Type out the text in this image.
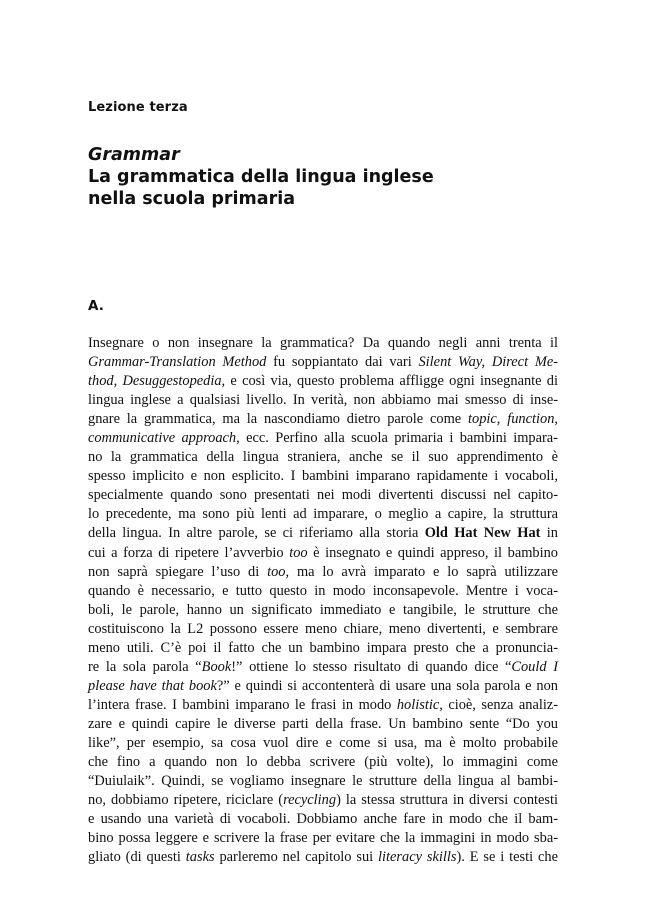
Lezione terza
Grammar
La grammatica della lingua inglese
nella scuola primaria
A.
Insegnare o non insegnare la grammatica? Da quando negli anni trenta il
Grammar-Translation Method fu soppiantato dai vari Silent Way, Direct Me-
thod, Desuggestopedia, e così via, questo problema affligge ogni insegnante di
lingua inglese a qualsiasi livello. In verità, non abbiamo mai smesso di inse-
gnare la grammatica, ma la nascondiamo dietro parole come topic, function,
communicative approach, ecc. Perfino alla scuola primaria i bambini impara-
no la grammatica della lingua straniera, anche se il suo apprendimento è
spesso implicito e non esplicito. I bambini imparano rapidamente i vocaboli,
specialmente quando sono presentati nei modi divertenti discussi nel capito-
lo precedente, ma sono più lenti ad imparare, o meglio a capire, la struttura
della lingua. In altre parole, se ci riferiamo alla storia Old Hat New Hat in
cui a forza di ripetere l’avverbio too è insegnato e quindi appreso, il bambino
non saprà spiegare l’uso di too, ma lo avrà imparato e lo saprà utilizzare
quando è necessario, e tutto questo in modo inconsapevole. Mentre i voca-
boli, le parole, hanno un significato immediato e tangibile, le strutture che
costituiscono la L2 possono essere meno chiare, meno divertenti, e sembrare
meno utili. C’è poi il fatto che un bambino impara presto che a pronuncia-
re la sola parola “Book!” ottiene lo stesso risultato di quando dice “Could I
please have that book?” e quindi si accontenterà di usare una sola parola e non
l’intera frase. I bambini imparano le frasi in modo holistic, cioè, senza analiz-
zare e quindi capire le diverse parti della frase. Un bambino sente “Do you
like”, per esempio, sa cosa vuol dire e come si usa, ma è molto probabile
che fino a quando non lo debba scrivere (più volte), lo immagini come
“Duiulaik”. Quindi, se vogliamo insegnare le strutture della lingua al bambi-
no, dobbiamo ripetere, riciclare (recycling) la stessa struttura in diversi contesti
e usando una varietà di vocaboli. Dobbiamo anche fare in modo che il bam-
bino possa leggere e scrivere la frase per evitare che la immagini in modo sba-
gliato (di questi tasks parleremo nel capitolo sui literacy skills). E se i testi che
